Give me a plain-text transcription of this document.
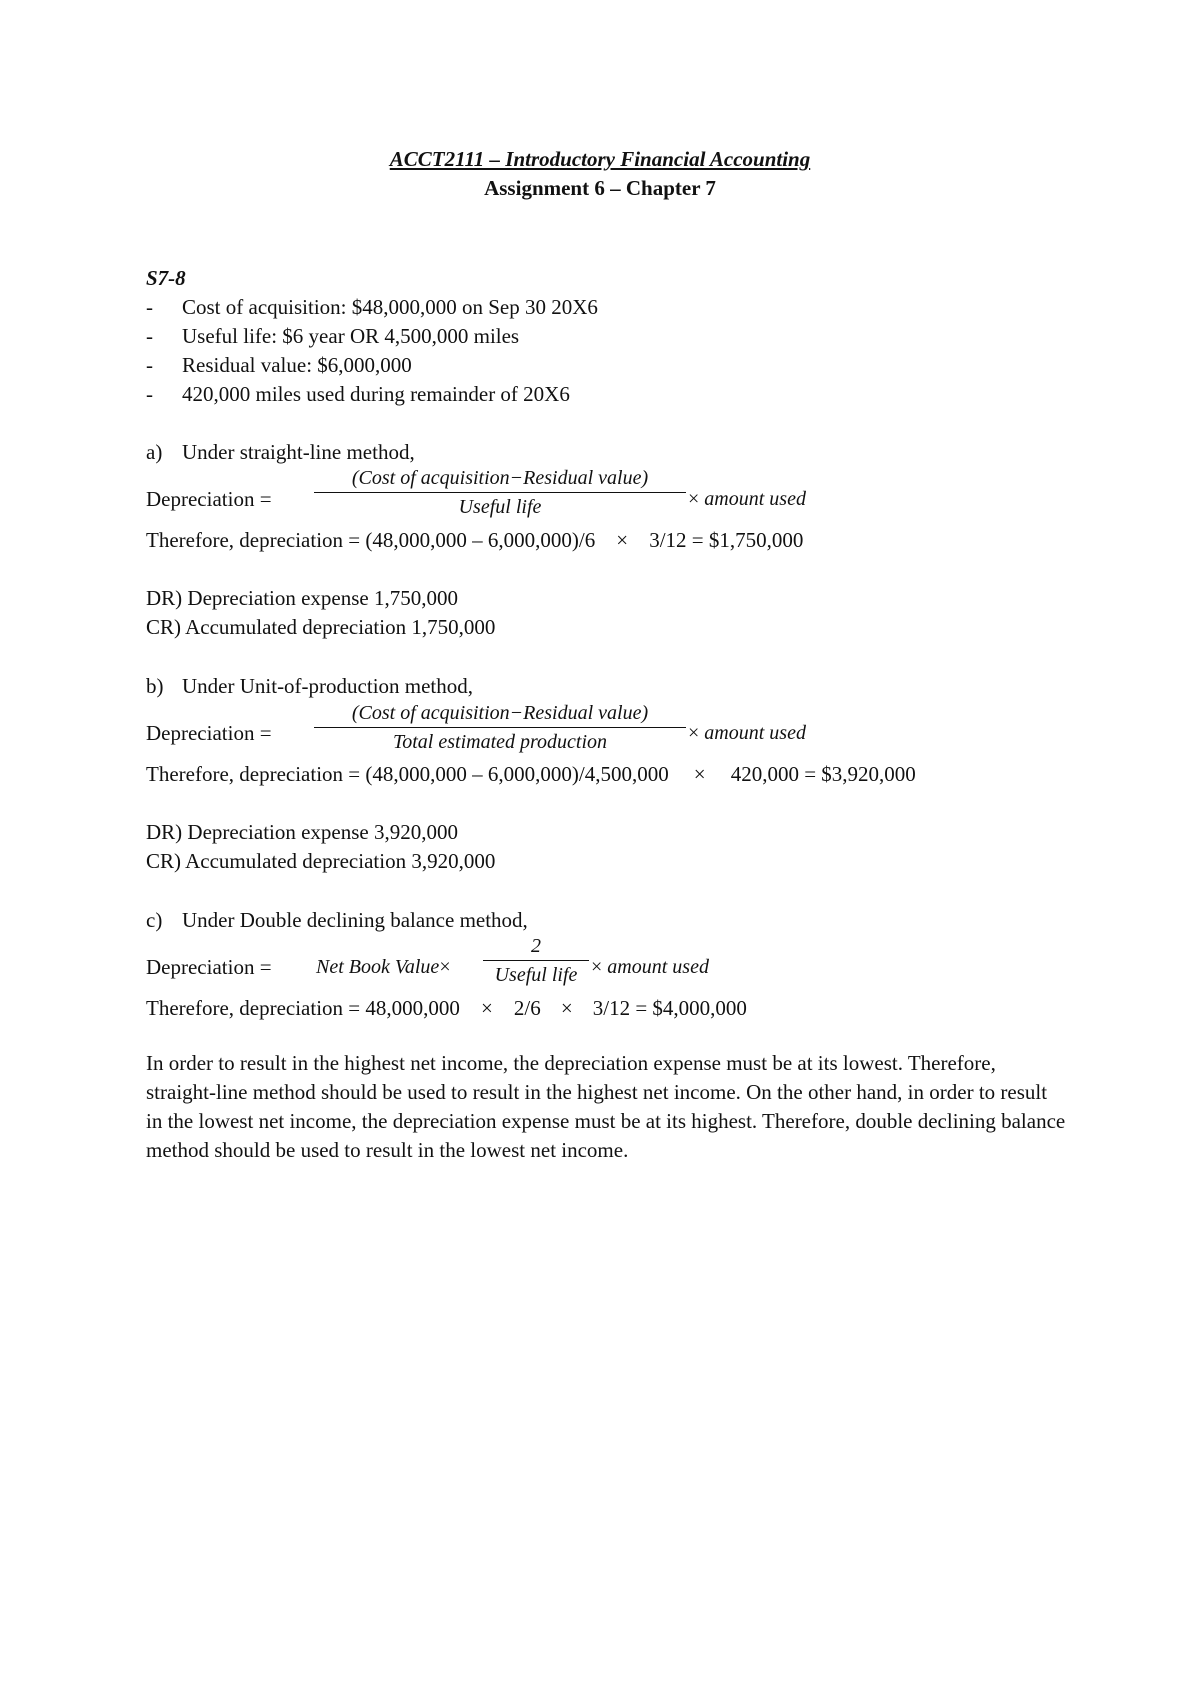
ACCT2111 – Introductory Financial Accounting
Assignment 6 – Chapter 7
S7-8
- Cost of acquisition: $48,000,000 on Sep 30 20X6
- Useful life: $6 year OR 4,500,000 miles
- Residual value: $6,000,000
- 420,000 miles used during remainder of 20X6
a) Under straight-line method,
Depreciation =
(Cost of acquisition−Residual value)
Useful life	× amount used
Therefore, depreciation = (48,000,000 – 6,000,000)/6 × 3/12 = $1,750,000
DR) Depreciation expense 1,750,000
CR) Accumulated depreciation 1,750,000
b) Under Unit-of-production method,
Depreciation =
(Cost of acquisition−Residual value)
Total estimated production	× amount used
Therefore, depreciation = (48,000,000 – 6,000,000)/4,500,000 × 420,000 = $3,920,000
DR) Depreciation expense 3,920,000
CR) Accumulated depreciation 3,920,000
c) Under Double declining balance method,
Depreciation = Net Book Value×
2
Useful life × amount used
Therefore, depreciation = 48,000,000 × 2/6 × 3/12 = $4,000,000
In order to result in the highest net income, the depreciation expense must be at its lowest. Therefore, straight-line method should be used to result in the highest net income. On the other hand, in order to result in the lowest net income, the depreciation expense must be at its highest. Therefore, double declining balance method should be used to result in the lowest net income.
